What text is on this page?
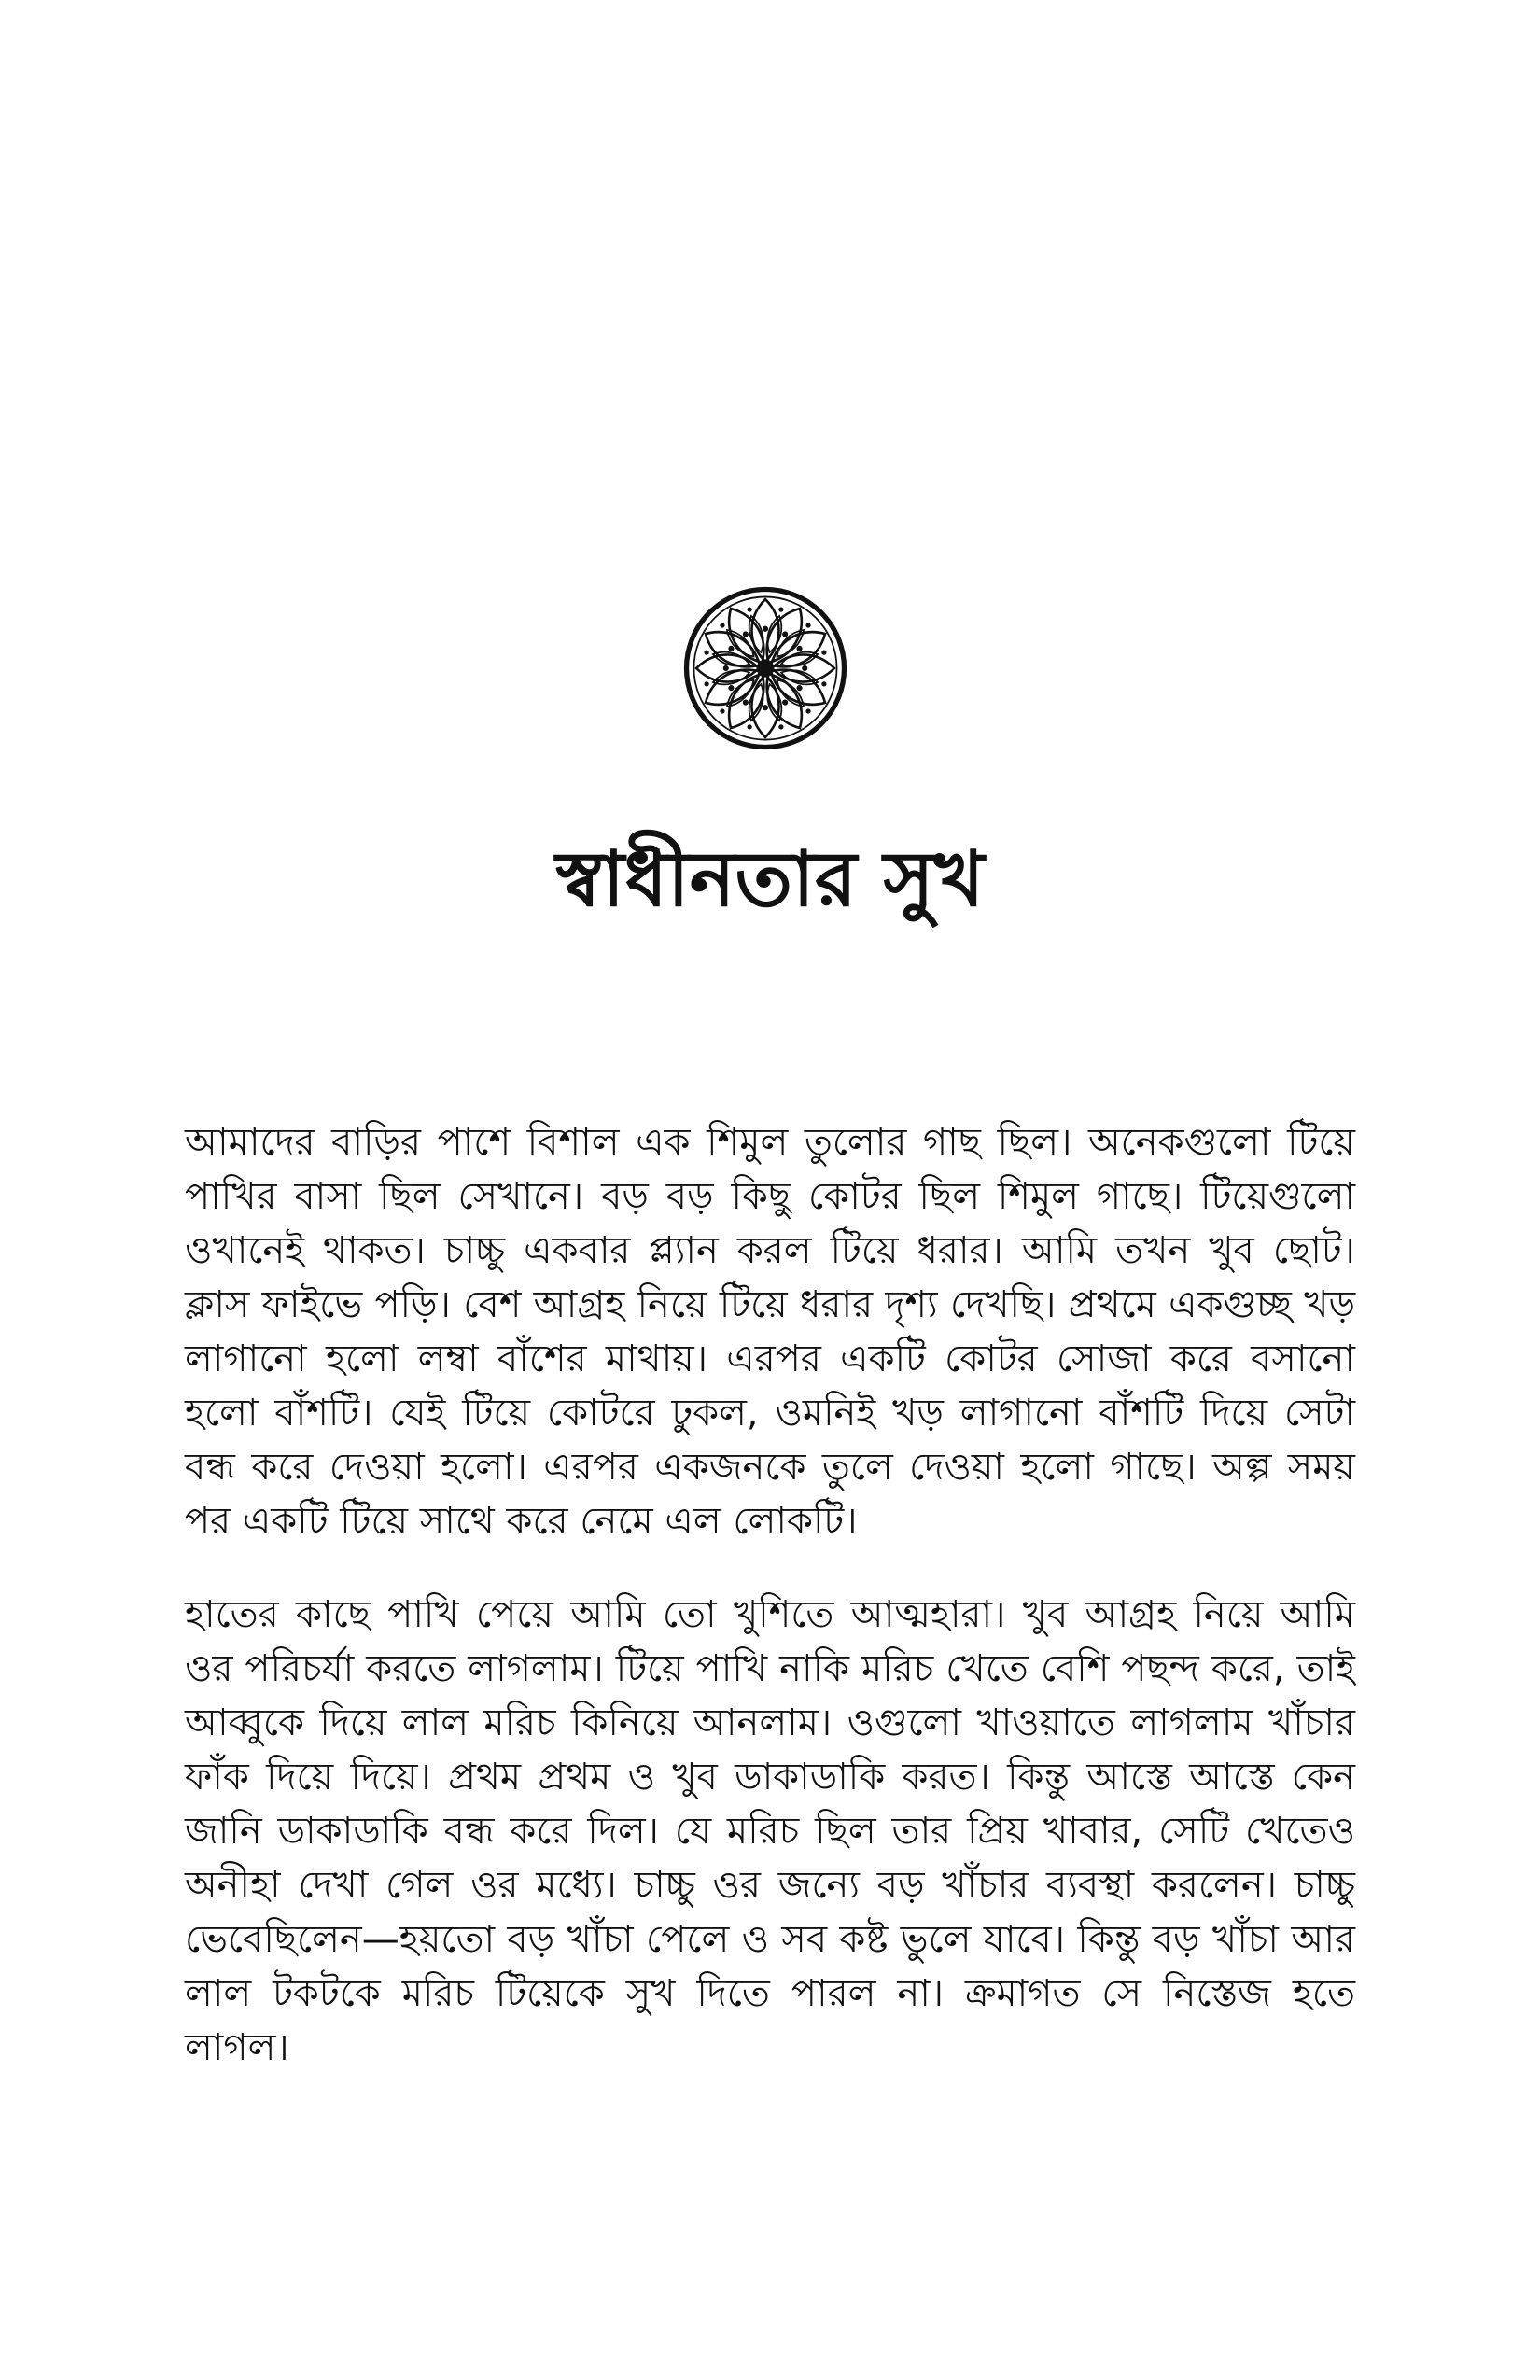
স্বাধীনতার সুখ

আমাদের বাড়ির পাশে বিশাল এক শিমুল তুলোর গাছ ছিল। অনেকগুলো টিয়ে পাখির বাসা ছিল সেখানে। বড় বড় কিছু কোটর ছিল শিমুল গাছে। টিয়েগুলো ওখানেই থাকত। চাচ্চু একবার প্ল্যান করল টিয়ে ধরার। আমি তখন খুব ছোট। ক্লাস ফাইভে পড়ি। বেশ আগ্রহ নিয়ে টিয়ে ধরার দৃশ্য দেখছি। প্রথমে একগুচ্ছ খড় লাগানো হলো লম্বা বাঁশের মাথায়। এরপর একটি কোটর সোজা করে বসানো হলো বাঁশটি। যেই টিয়ে কোটরে ঢুকল, ওমনিই খড় লাগানো বাঁশটি দিয়ে সেটা বন্ধ করে দেওয়া হলো। এরপর একজনকে তুলে দেওয়া হলো গাছে। অল্প সময় পর একটি টিয়ে সাথে করে নেমে এল লোকটি।

হাতের কাছে পাখি পেয়ে আমি তো খুশিতে আত্মহারা। খুব আগ্রহ নিয়ে আমি ওর পরিচর্যা করতে লাগলাম। টিয়ে পাখি নাকি মরিচ খেতে বেশি পছন্দ করে, তাই আব্বুকে দিয়ে লাল মরিচ কিনিয়ে আনলাম। ওগুলো খাওয়াতে লাগলাম খাঁচার ফাঁক দিয়ে দিয়ে। প্রথম প্রথম ও খুব ডাকাডাকি করত। কিন্তু আস্তে আস্তে কেন জানি ডাকাডাকি বন্ধ করে দিল। যে মরিচ ছিল তার প্রিয় খাবার, সেটি খেতেও অনীহা দেখা গেল ওর মধ্যে। চাচ্চু ওর জন্যে বড় খাঁচার ব্যবস্থা করলেন। চাচ্চু ভেবেছিলেন—হয়তো বড় খাঁচা পেলে ও সব কষ্ট ভুলে যাবে। কিন্তু বড় খাঁচা আর লাল টকটকে মরিচ টিয়েকে সুখ দিতে পারল না। ক্রমাগত সে নিস্তেজ হতে লাগল।
